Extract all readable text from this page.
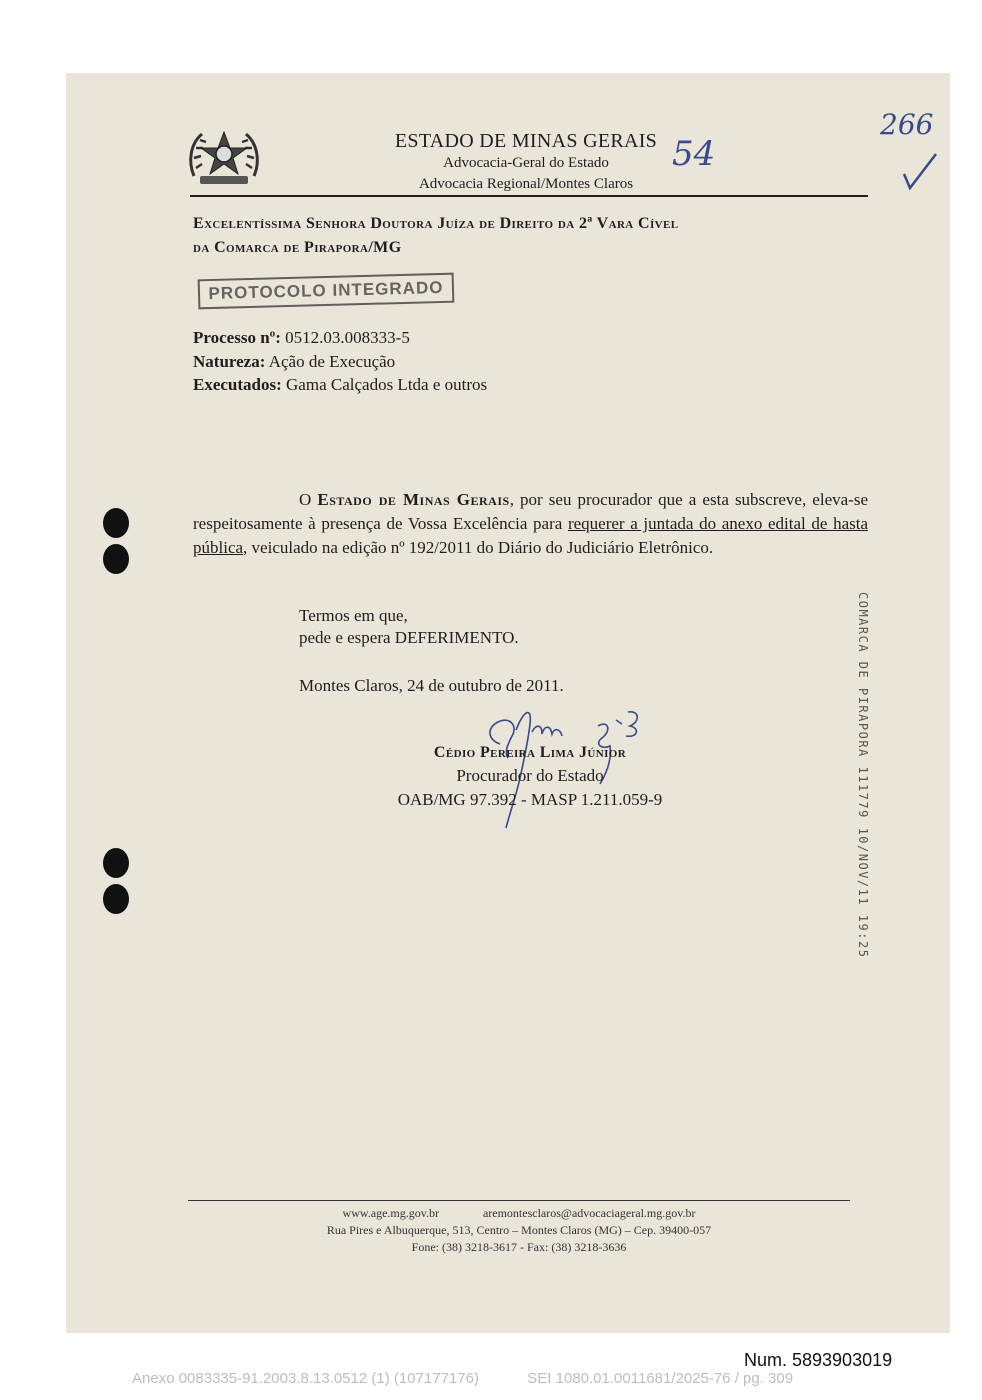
ESTADO DE MINAS GERAIS
Advocacia-Geral do Estado
Advocacia Regional/Montes Claros
54
266
Excelentíssima Senhora Doutora Juíza de Direito da 2ª Vara Cível
da Comarca de Pirapora/MG
PROTOCOLO INTEGRADO
Processo nº: 0512.03.008333-5
Natureza: Ação de Execução
Executados: Gama Calçados Ltda e outros
O Estado de Minas Gerais, por seu procurador que a esta subscreve, eleva-se respeitosamente à presença de Vossa Excelência para requerer a juntada do anexo edital de hasta pública, veiculado na edição nº 192/2011 do Diário do Judiciário Eletrônico.
Termos em que,
pede e espera DEFERIMENTO.
Montes Claros, 24 de outubro de 2011.
Cédio Pereira Lima Júnior
Procurador do Estado
OAB/MG 97.392 - MASP 1.211.059-9	COMARCA DE PIRAPORA 111779 10/NOV/11 19:25
www.age.mg.gov.br	aremontesclaros@advocaciageral.mg.gov.br
Rua Pires e Albuquerque, 513, Centro – Montes Claros (MG) – Cep. 39400-057
Fone: (38) 3218-3617 - Fax: (38) 3218-3636
Num. 5893903019
Anexo 0083335-91.2003.8.13.0512 (1) (107177176)	SEI 1080.01.0011681/2025-76 / pg. 309
